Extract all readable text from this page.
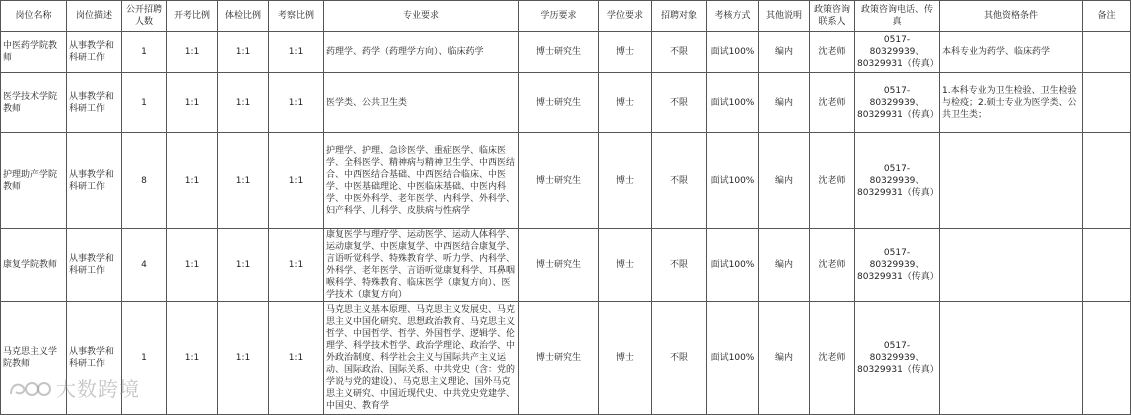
岗位名称	岗位描述	公开招聘人数	开考比例	体检比例	考察比例	专业要求	学历要求	学位要求	招聘对象	考核方式	其他说明	政策咨询联系人	政策咨询电话、传真	其他资格条件	备注
中医药学院教师	从事教学和科研工作	1	1:1	1:1	1:1	药理学、药学（药理学方向）、临床药学	博士研究生	博士	不限	面试100%	编内	沈老师	0517-80329939、80329931（传真）	本科专业为药学、临床药学	
医学技术学院教师	从事教学和科研工作	1	1:1	1:1	1:1	医学类、公共卫生类	博士研究生	博士	不限	面试100%	编内	沈老师	0517-80329939、80329931（传真）	1.本科专业为卫生检验、卫生检验与检疫；2.硕士专业为医学类、公共卫生类；	
护理助产学院教师	从事教学和科研工作	8	1:1	1:1	1:1	护理学、护理、急诊医学、重症医学、临床医学、全科医学、精神病与精神卫生学、中西医结合、中西医结合基础、中西医结合临床、中医学、中医基础理论、中医临床基础、中医内科学、中医外科学、老年医学、内科学、外科学、妇产科学、儿科学、皮肤病与性病学	博士研究生	博士	不限	面试100%	编内	沈老师	0517-80329939、80329931（传真）		
康复学院教师	从事教学和科研工作	4	1:1	1:1	1:1	康复医学与理疗学、运动医学、运动人体科学、运动康复学、中医康复学、中西医结合康复学、言语听觉科学、特殊教育学、听力学、内科学、外科学、老年医学、言语听觉康复科学、耳鼻咽喉科学、特殊教育、临床医学（康复方向）、医学技术（康复方向）	博士研究生	博士	不限	面试100%	编内	沈老师	0517-80329939、80329931（传真）		
马克思主义学院教师	从事教学和科研工作	1	1:1	1:1	1:1	马克思主义基本原理、马克思主义发展史、马克思主义中国化研究、思想政治教育、马克思主义哲学、中国哲学、哲学、外国哲学、逻辑学、伦理学、科学技术哲学、政治学理论、政治学、中外政治制度、科学社会主义与国际共产主义运动、国际政治、国际关系、中共党史（含：党的学说与党的建设）、马克思主义理论、国外马克思主义研究、中国近现代史、中共党史党建学、中国史、教育学	博士研究生	博士	不限	面试100%	编内	沈老师	0517-80329939、80329931（传真）		
大数跨境
